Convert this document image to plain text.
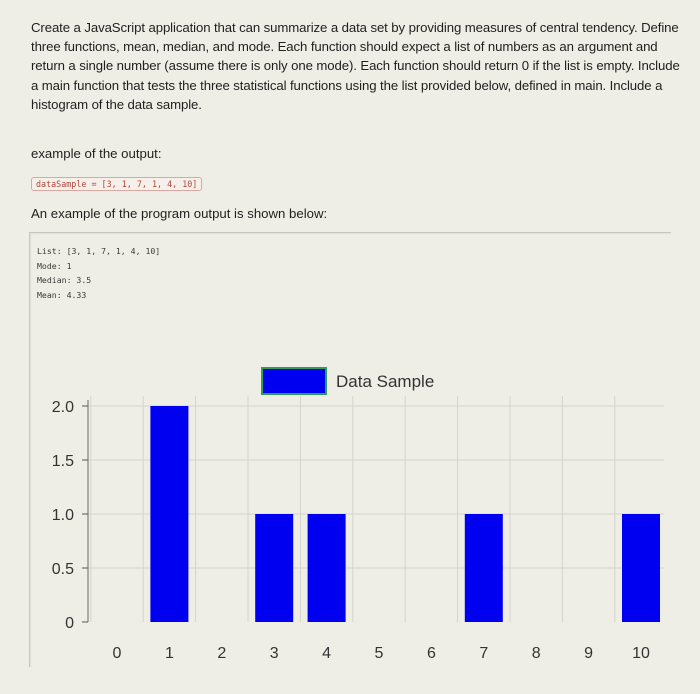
Create a JavaScript application that can summarize a data set by providing measures of central tendency. Define three functions, mean, median, and mode. Each function should expect a list of numbers as an argument and return a single number (assume there is only one mode). Each function should return 0 if the list is empty. Include a main function that tests the three statistical functions using the list provided below, defined in main. Include a histogram of the data sample.
example of the output:
dataSample = [3, 1, 7, 1, 4, 10]
An example of the program output is shown below:
List: [3, 1, 7, 1, 4, 10]
Mode: 1
Median: 3.5
Mean: 4.33
0
0.5
1.0
1.5
2.0
0	1	2	3	4	5	6	7	8	9 10
Data Sample
